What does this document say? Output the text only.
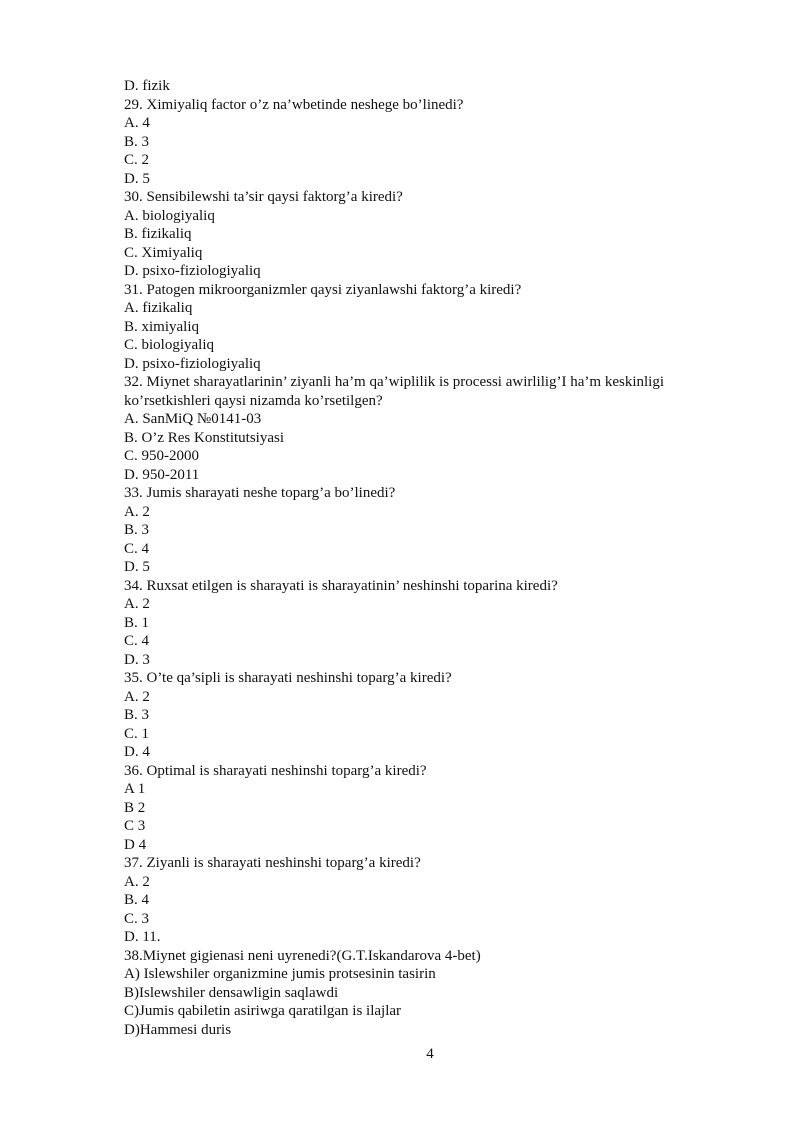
D. fizik
29. Ximiyaliq factor o’z na’wbetinde neshege bo’linedi?
A. 4
B. 3
C. 2
D. 5
30. Sensibilewshi ta’sir qaysi faktorg’a kiredi?
A. biologiyaliq
B. fizikaliq
C. Ximiyaliq
D. psixo-fiziologiyaliq
31. Patogen mikroorganizmler qaysi ziyanlawshi faktorg’a kiredi?
A. fizikaliq
B. ximiyaliq
C. biologiyaliq
D. psixo-fiziologiyaliq
32. Miynet sharayatlarinin’ ziyanli ha’m qa’wiplilik is processi awirlilig’I ha’m keskinligi ko’rsetkishleri qaysi nizamda ko’rsetilgen?
A. SanMiQ №0141-03
B. O’z Res Konstitutsiyasi
C. 950-2000
D. 950-2011
33. Jumis sharayati neshe toparg’a bo’linedi?
A. 2
B. 3
C. 4
D. 5
34. Ruxsat etilgen is sharayati is sharayatinin’ neshinshi toparina kiredi?
A. 2
B. 1
C. 4
D. 3
35. O’te qa’sipli is sharayati neshinshi toparg’a kiredi?
A. 2
B. 3
C. 1
D. 4
36. Optimal is sharayati neshinshi toparg’a kiredi?
A 1
B 2
C 3
D 4
37. Ziyanli is sharayati neshinshi toparg’a kiredi?
A. 2
B. 4
C. 3
D. 11.
38.Miynet gigienasi neni uyrenedi?(G.T.Iskandarova 4-bet)
A) Islewshiler organizmine jumis protsesinin tasirin
B)Islewshiler densawligin saqlawdi
C)Jumis qabiletin asiriwga qaratilgan is ilajlar
D)Hammesi duris
4
